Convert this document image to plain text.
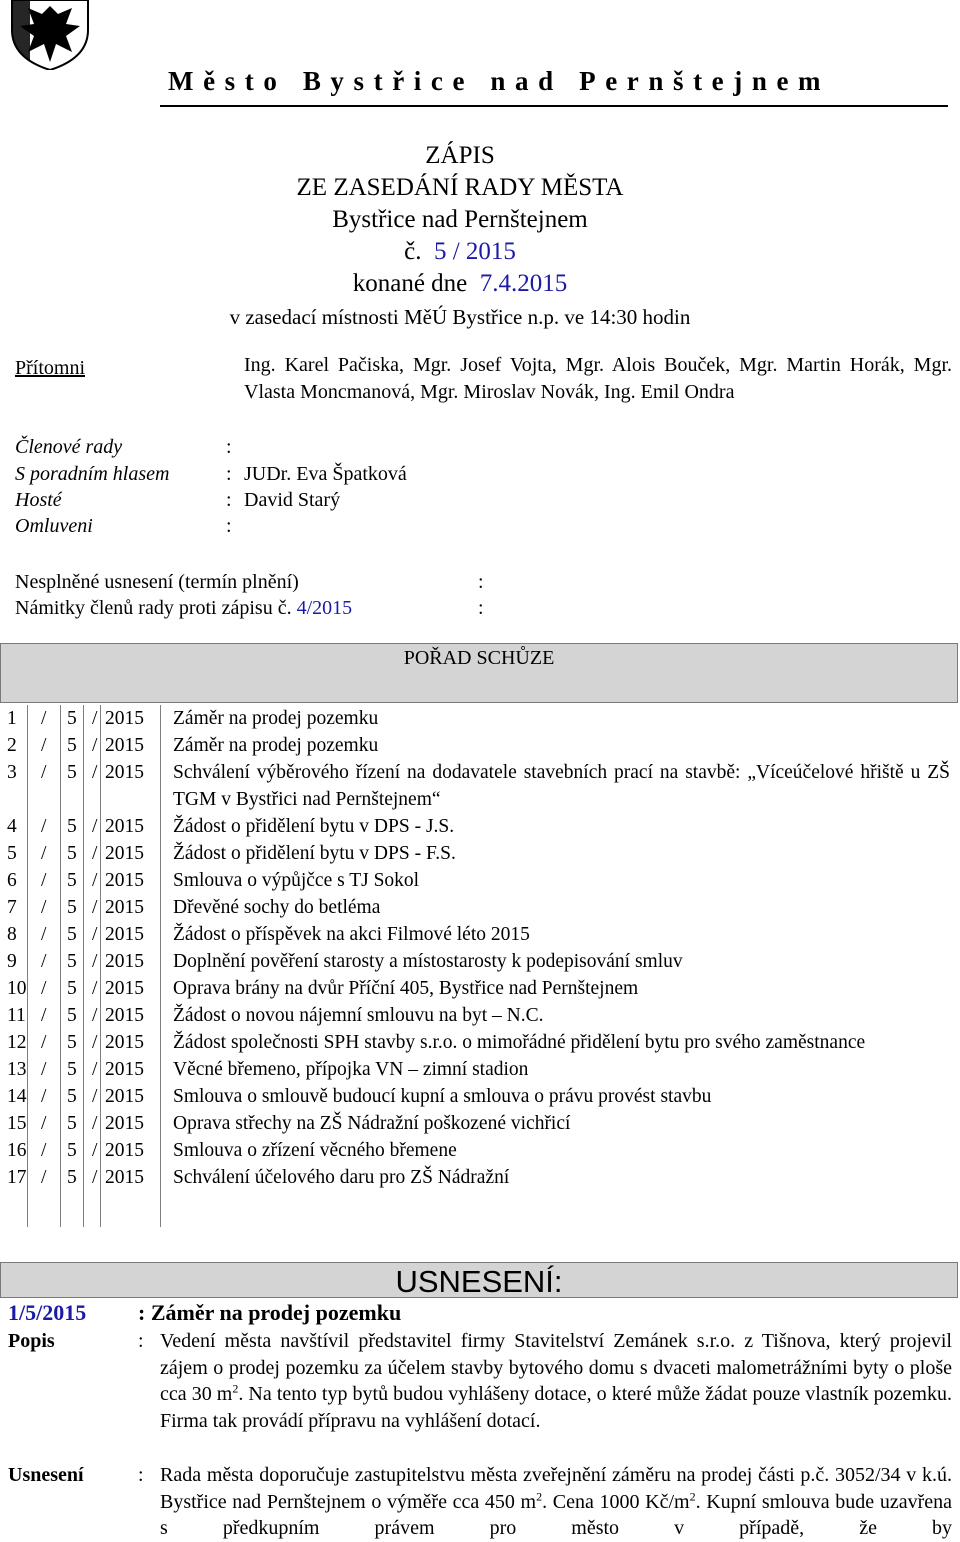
Město Bystřice nad Pernštejnem
ZÁPIS
ZE ZASEDÁNÍ RADY MĚSTA
Bystřice nad Pernštejnem
č. 5 / 2015
konané dne 7.4.2015
v zasedací místnosti MěÚ Bystřice n.p. ve 14:30 hodin
Přítomni	Ing. Karel Pačiska, Mgr. Josef Vojta, Mgr. Alois Bouček, Mgr. Martin Horák, Mgr. Vlasta Moncmanová, Mgr. Miroslav Novák, Ing. Emil Ondra
Členové rady	:
S poradním hlasem	: JUDr. Eva Špatková
Hosté	: David Starý
Omluveni	:
Nesplněné usnesení (termín plnění)	:
Námitky členů rady proti zápisu č. 4/2015	:
POŘAD SCHŮZE
1 / 5 / 2015 Záměr na prodej pozemku
2 / 5 / 2015 Záměr na prodej pozemku
3 / 5 / 2015 Schválení výběrového řízení na dodavatele stavebních prací na stavbě: „Víceúčelové hřiště u ZŠ TGM v Bystřici nad Pernštejnem“
4 / 5 / 2015 Žádost o přidělení bytu v DPS - J.S.
5 / 5 / 2015 Žádost o přidělení bytu v DPS - F.S.
6 / 5 / 2015 Smlouva o výpůjčce s TJ Sokol
7 / 5 / 2015 Dřevěné sochy do betléma
8 / 5 / 2015 Žádost o příspěvek na akci Filmové léto 2015
9 / 5 / 2015 Doplnění pověření starosty a místostarosty k podepisování smluv
10 / 5 / 2015 Oprava brány na dvůr Příční 405, Bystřice nad Pernštejnem
11 / 5 / 2015 Žádost o novou nájemní smlouvu na byt – N.C.
12 / 5 / 2015 Žádost společnosti SPH stavby s.r.o. o mimořádné přidělení bytu pro svého zaměstnance
13 / 5 / 2015 Věcné břemeno, přípojka VN – zimní stadion
14 / 5 / 2015 Smlouva o smlouvě budoucí kupní a smlouva o právu provést stavbu
15 / 5 / 2015 Oprava střechy na ZŠ Nádražní poškozené vichřicí
16 / 5 / 2015 Smlouva o zřízení věcného břemene
17 / 5 / 2015 Schválení účelového daru pro ZŠ Nádražní
USNESENÍ:
1/5/2015 : Záměr na prodej pozemku
Popis	: Vedení města navštívil představitel firmy Stavitelství Zemánek s.r.o. z Tišnova, který projevil zájem o prodej pozemku za účelem stavby bytového domu s dvaceti malometrážními byty o ploše cca 30 $m^2$. Na tento typ bytů budou vyhlášeny dotace, o které může žádat pouze vlastník pozemku. Firma tak provádí přípravu na vyhlášení dotací.
Usnesení	: Rada města doporučuje zastupitelstvu města zveřejnění záměru na prodej části p.č. 3052/34 v k.ú. Bystřice nad Pernštejnem o výměře cca 450 $m^2$. Cena 1000 $Kč/m^2$. Kupní smlouva bude uzavřena s předkupním právem pro město v případě, že by
